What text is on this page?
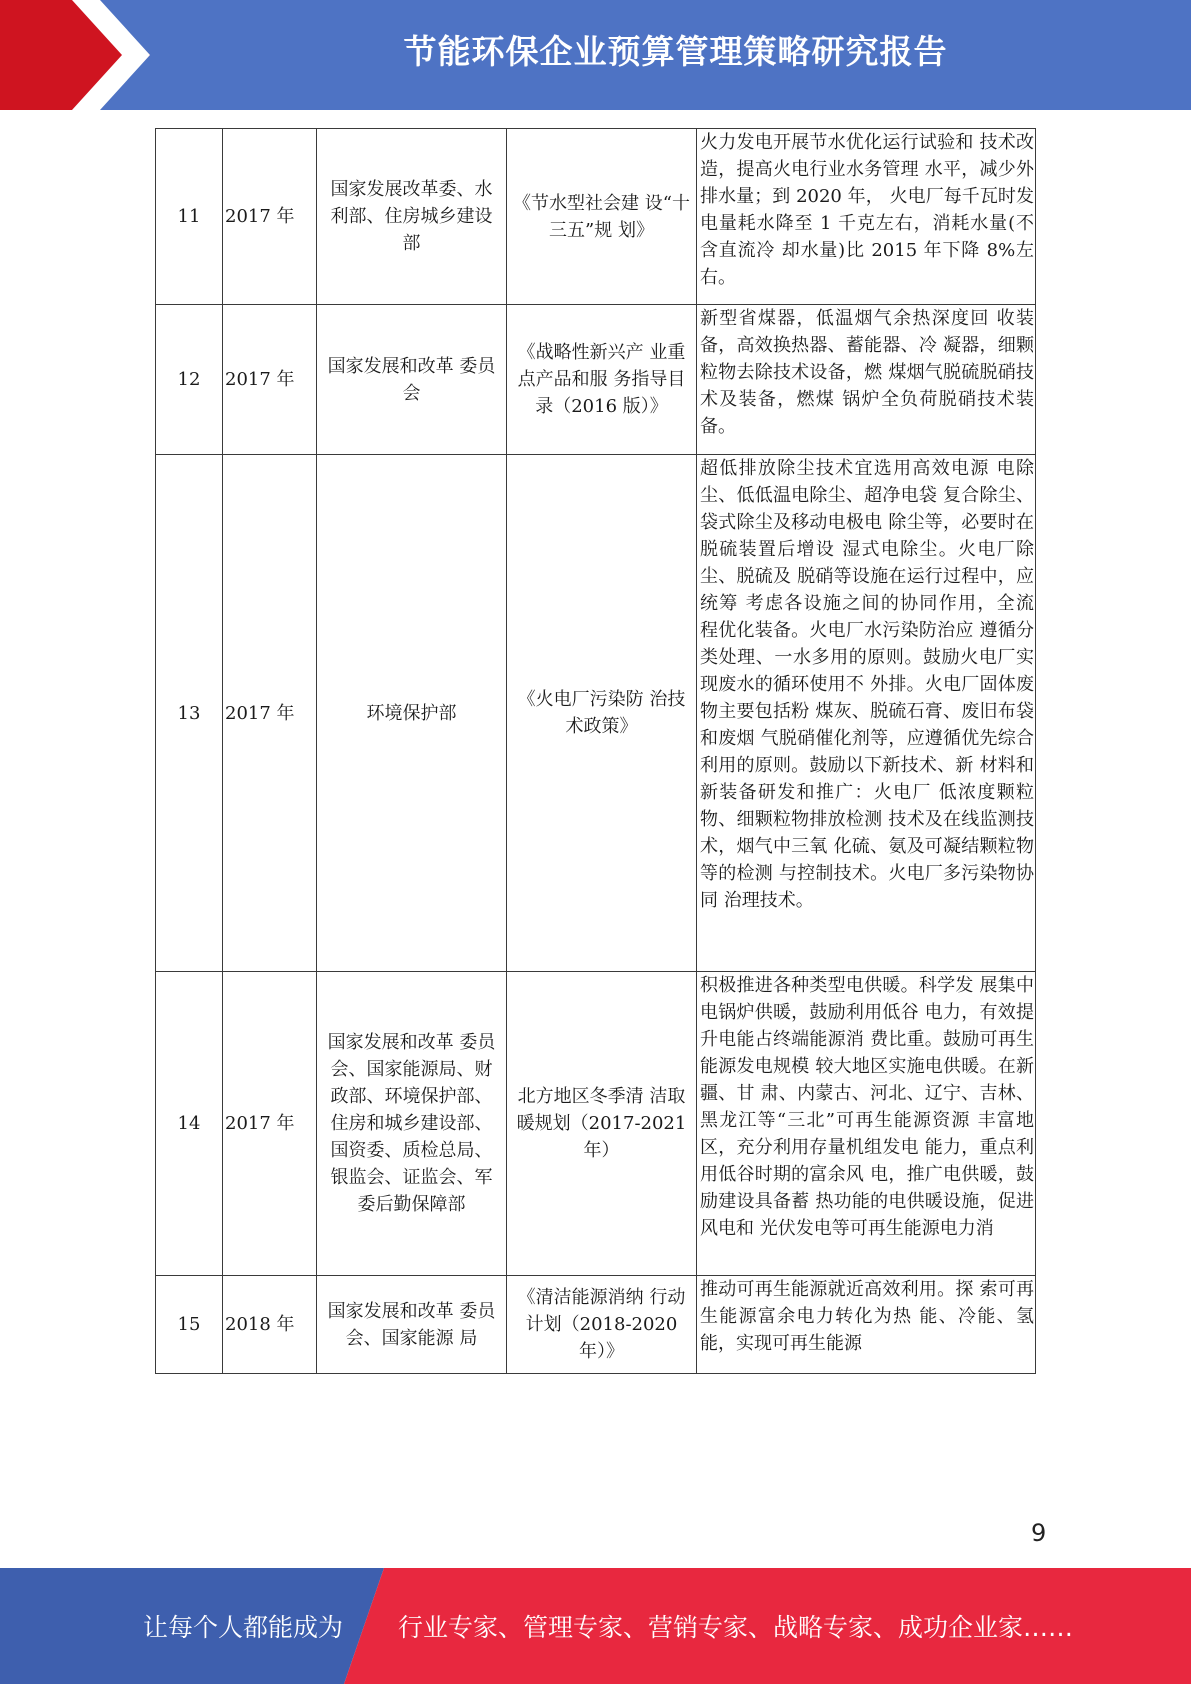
节能环保企业预算管理策略研究报告
11	2017 年	国家发展改革委、水利部、住房城乡建设部	《节水型社会建 设“十三五”规 划》	火力发电开展节水优化运行试验和 技术改造，提高火电行业水务管理 水平，减少外排水量；到 2020 年， 火电厂每千瓦时发电量耗水降至 1 千克左右，消耗水量(不含直流冷 却水量)比 2015 年下降 8%左右。
12	2017 年	国家发展和改革 委员会	《战略性新兴产 业重点产品和服 务指导目录（2016 版）》	新型省煤器，低温烟气余热深度回 收装备，高效换热器、蓄能器、冷 凝器，细颗粒物去除技术设备，燃 煤烟气脱硫脱硝技术及装备，燃煤 锅炉全负荷脱硝技术装备。
13	2017 年	环境保护部	《火电厂污染防 治技术政策》	超低排放除尘技术宜选用高效电源 电除尘、低低温电除尘、超净电袋 复合除尘、袋式除尘及移动电极电 除尘等，必要时在脱硫装置后增设 湿式电除尘。火电厂除尘、脱硫及 脱硝等设施在运行过程中，应统筹 考虑各设施之间的协同作用，全流 程优化装备。火电厂水污染防治应 遵循分类处理、一水多用的原则。鼓励火电厂实现废水的循环使用不 外排。火电厂固体废物主要包括粉 煤灰、脱硫石膏、废旧布袋和废烟 气脱硝催化剂等，应遵循优先综合 利用的原则。鼓励以下新技术、新 材料和新装备研发和推广：火电厂 低浓度颗粒物、细颗粒物排放检测 技术及在线监测技术，烟气中三氧 化硫、氨及可凝结颗粒物等的检测 与控制技术。火电厂多污染物协同 治理技术。
14	2017 年	国家发展和改革 委员会、国家能源局、财政部、环境保护部、住房和城乡建设部、国资委、质检总局、银监会、证监会、军委后勤保障部	北方地区冬季清 洁取暖规划（2017-2021 年）	积极推进各种类型电供暖。科学发 展集中电锅炉供暖，鼓励利用低谷 电力，有效提升电能占终端能源消 费比重。鼓励可再生能源发电规模 较大地区实施电供暖。在新疆、甘 肃、内蒙古、河北、辽宁、吉林、 黑龙江等“三北”可再生能源资源 丰富地区，充分利用存量机组发电 能力，重点利用低谷时期的富余风 电，推广电供暖，鼓励建设具备蓄 热功能的电供暖设施，促进风电和 光伏发电等可再生能源电力消
15	2018 年	国家发展和改革 委员会、国家能源 局	《清洁能源消纳 行动计划（2018-2020 年）》	推动可再生能源就近高效利用。探 索可再生能源富余电力转化为热 能、冷能、氢能，实现可再生能源
9
让每个人都能成为 行业专家、管理专家、营销专家、战略专家、成功企业家……
